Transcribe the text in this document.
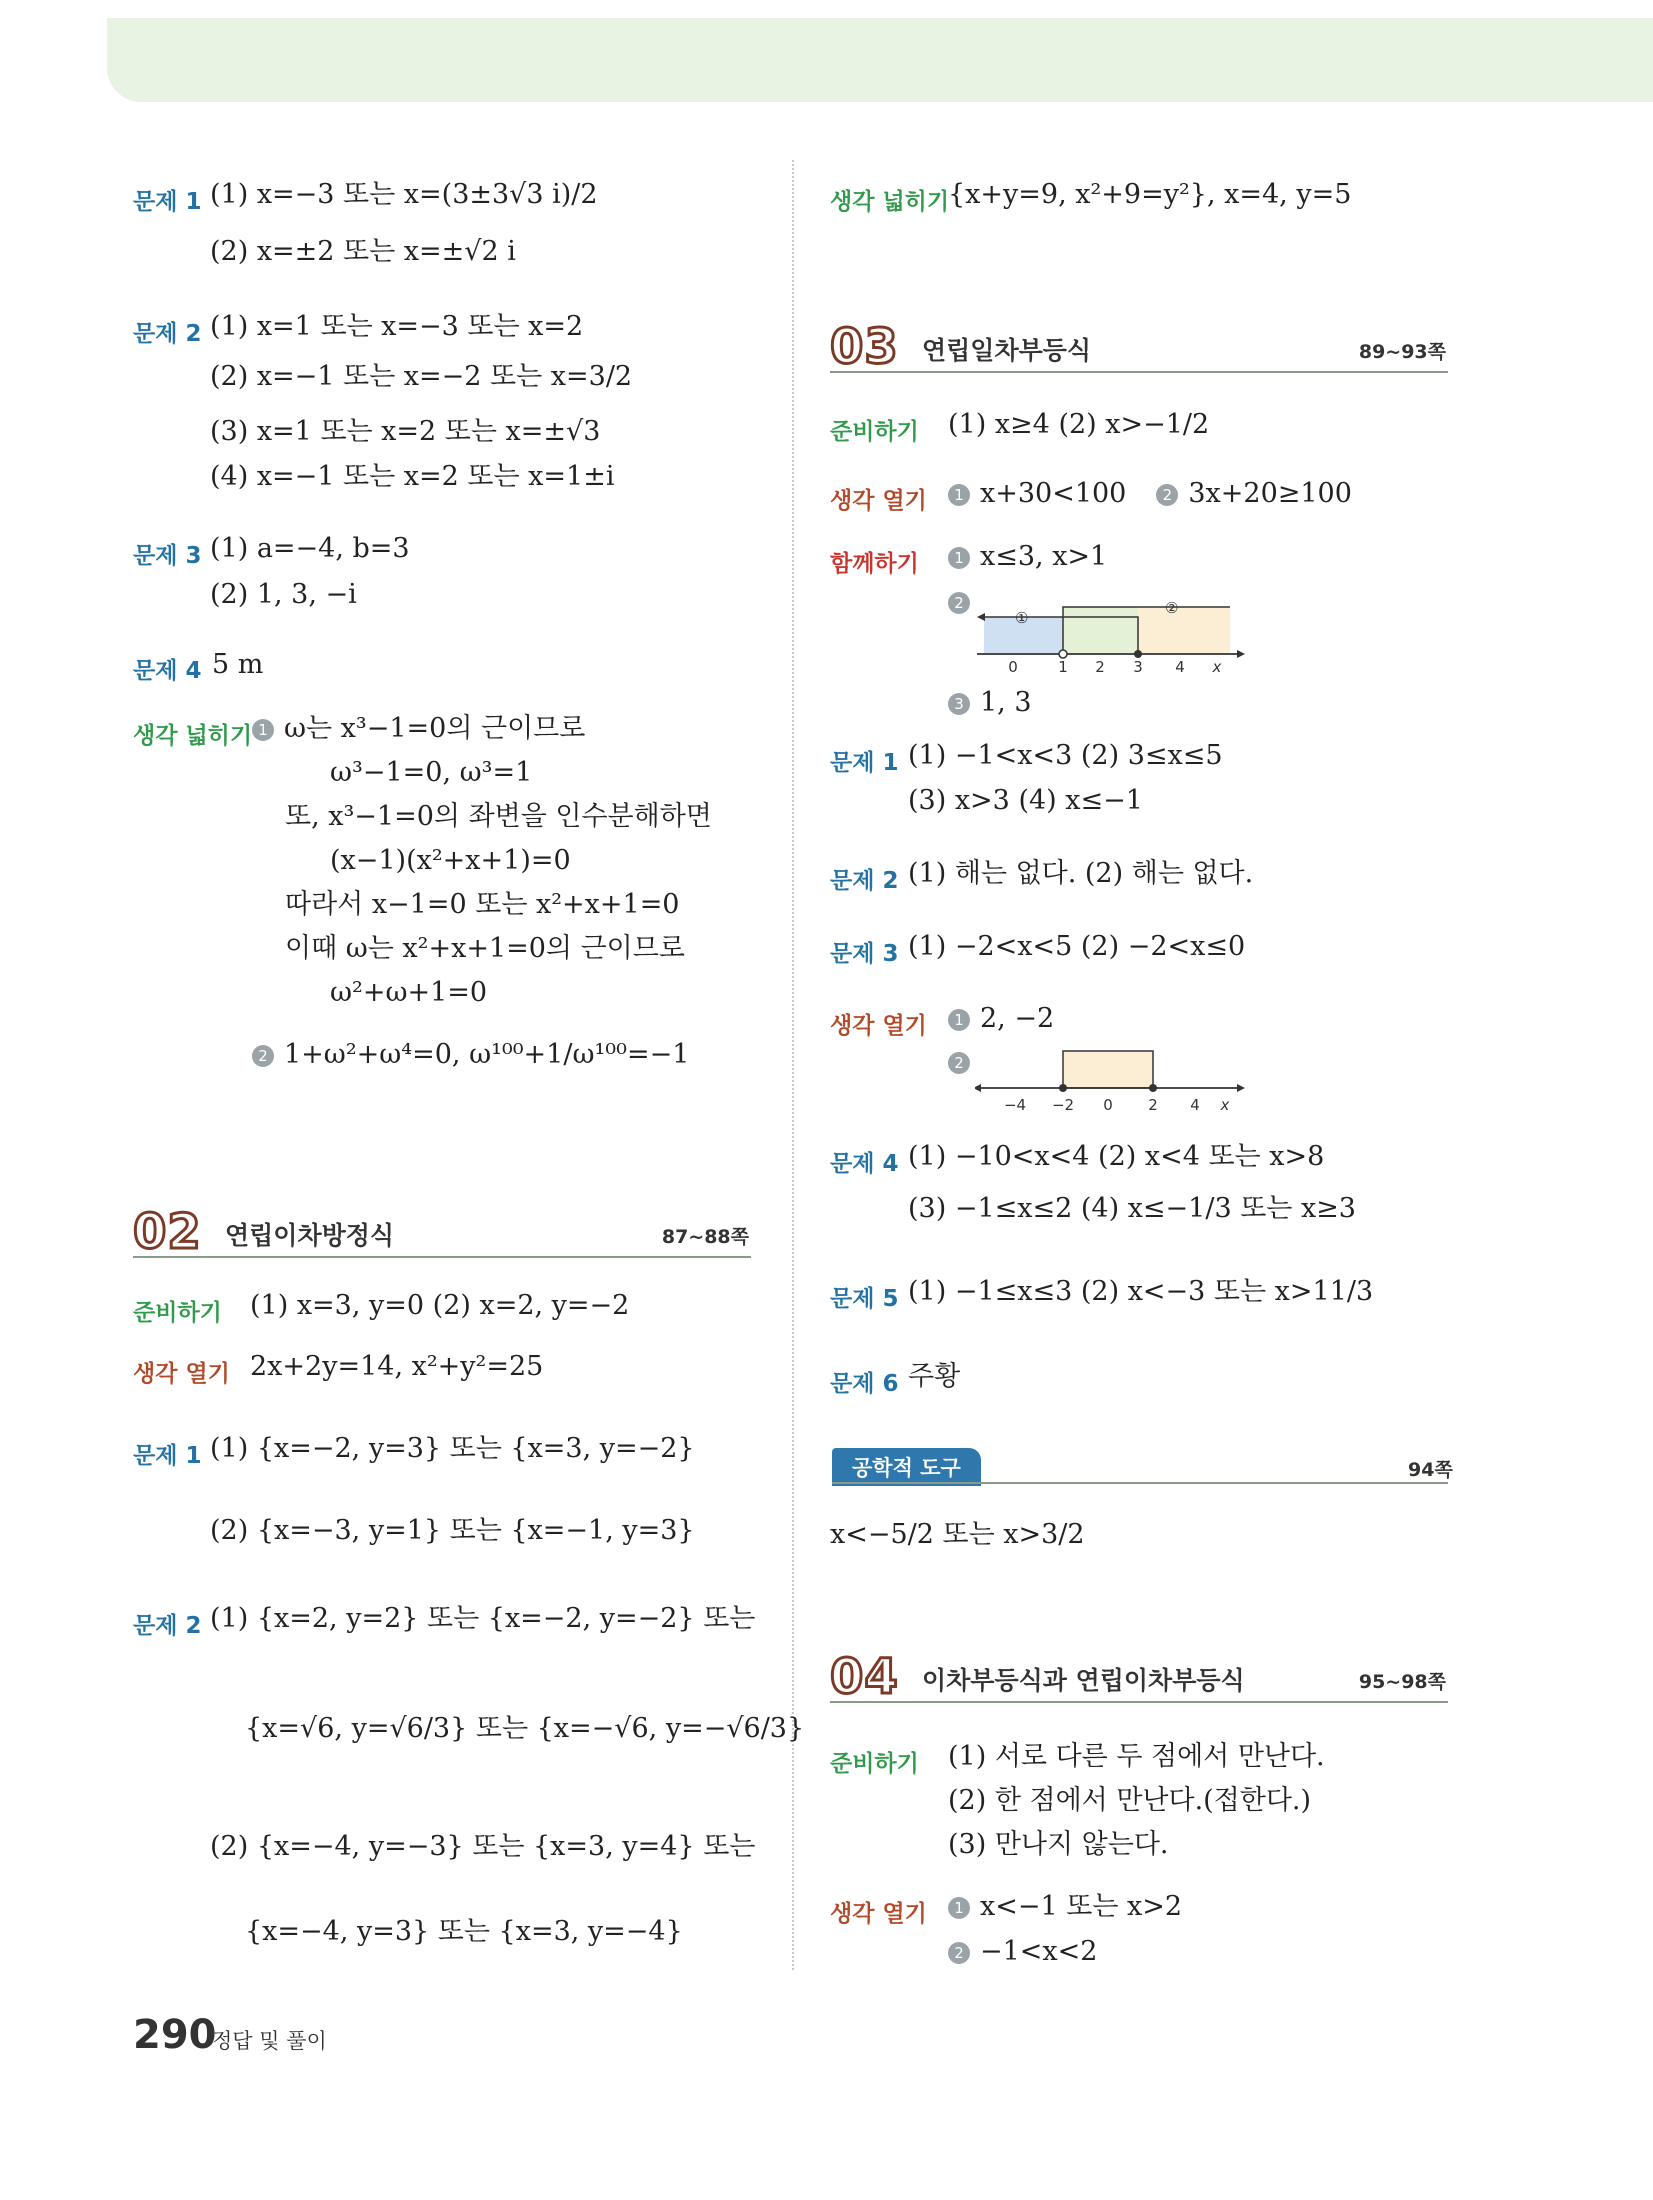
문제 1 (1) x=−3 또는 x=(3±3√3 i)/2
(2) x=±2 또는 x=±√2 i
문제 2 (1) x=1 또는 x=−3 또는 x=2
(2) x=−1 또는 x=−2 또는 x=3/2
(3) x=1 또는 x=2 또는 x=±√3
(4) x=−1 또는 x=2 또는 x=1±i
문제 3 (1) a=−4, b=3
(2) 1, 3, −i
문제 4 5 m
생각 넓히기 1 ω는 x³−1=0의 근이므로
ω³−1=0, ω³=1
또, x³−1=0의 좌변을 인수분해하면
(x−1)(x²+x+1)=0
따라서 x−1=0 또는 x²+x+1=0
이때 ω는 x²+x+1=0의 근이므로
ω²+ω+1=0
2 1+ω²+ω⁴=0, ω¹⁰⁰+1/ω¹⁰⁰=−1
02 연립이차방정식	87~88쪽
준비하기 (1) x=3, y=0 (2) x=2, y=−2
생각 열기 2x+2y=14, x²+y²=25
문제 1 (1) {x=−2, y=3} 또는 {x=3, y=−2}
(2) {x=−3, y=1} 또는 {x=−1, y=3}
문제 2 (1) {x=2, y=2} 또는 {x=−2, y=−2} 또는
{x=√6, y=√6/3} 또는 {x=−√6, y=−√6/3}
(2) {x=−4, y=−3} 또는 {x=3, y=4} 또는
{x=−4, y=3} 또는 {x=3, y=−4}
290
정답 및 풀이
생각 넓히기
{x+y=9, x²+9=y²}, x=4, y=5
03 연립일차부등식	89~93쪽
준비하기 (1) x≥4 (2) x>−1/2
생각 열기	1 x+30<100 2 3x+20≥100
함께하기	1 x≤3, x>1
2
①
②
0	1 2 3 4 x
3 1, 3
문제 1 (1) −1<x<3 (2) 3≤x≤5
(3) x>3 (4) x≤−1
문제 2 (1) 해는 없다. (2) 해는 없다.
문제 3 (1) −2<x<5 (2) −2<x≤0
생각 열기	1 2, −2
2
−4 −2 0 2 4 x
문제 4 (1) −10<x<4 (2) x<4 또는 x>8
(3) −1≤x≤2 (4) x≤−1/3 또는 x≥3
문제 5 (1) −1≤x≤3 (2) x<−3 또는 x>11/3
문제 6 주황
공학적 도구	94쪽
x<−5/2 또는 x>3/2
04 이차부등식과 연립이차부등식	95~98쪽
준비하기 (1) 서로 다른 두 점에서 만난다.
(2) 한 점에서 만난다.(접한다.)
(3) 만나지 않는다.
생각 열기	1 x<−1 또는 x>2
2 −1<x<2
